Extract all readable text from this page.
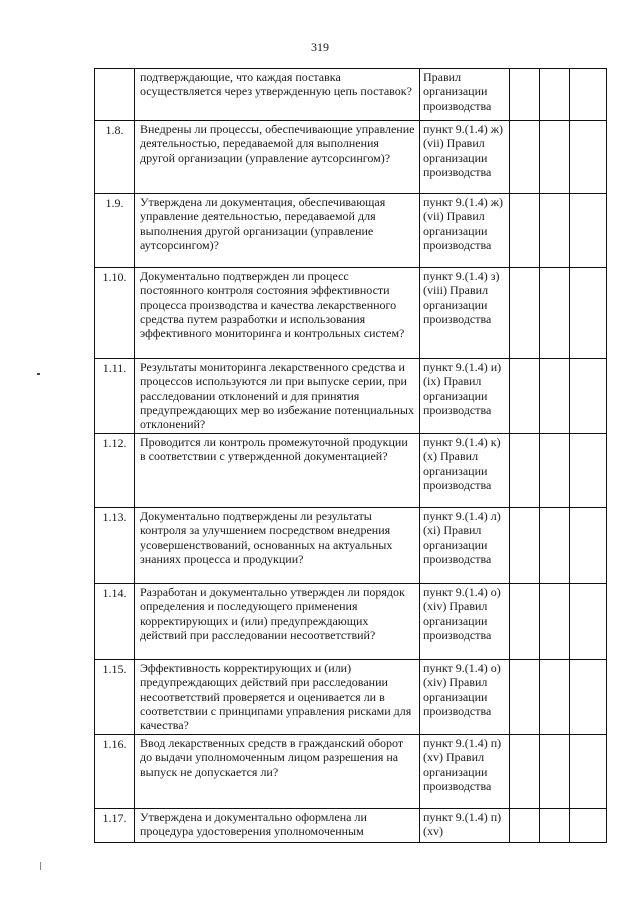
319
	подтверждающие, что каждая поставка осуществляется через утвержденную цепь поставок?	Правил организации производства			
1.8.	Внедрены ли процессы, обеспечивающие управление деятельностью, передаваемой для выполнения другой организации (управление аутсорсингом)?	пункт 9.(1.4) ж) (vii) Правил организации производства			
1.9.	Утверждена ли документация, обеспечивающая управление деятельностью, передаваемой для выполнения другой организации (управление аутсорсингом)?	пункт 9.(1.4) ж) (vii) Правил организации производства			
1.10.	Документально подтвержден ли процесс постоянного контроля состояния эффективности процесса производства и качества лекарственного средства путем разработки и использования эффективного мониторинга и контрольных систем?	пункт 9.(1.4) з) (viii) Правил организации производства			
1.11.	Результаты мониторинга лекарственного средства и процессов используются ли при выпуске серии, при расследовании отклонений и для принятия предупреждающих мер во избежание потенциальных отклонений?	пункт 9.(1.4) и) (ix) Правил организации производства			
1.12.	Проводится ли контроль промежуточной продукции в соответствии с утвержденной документацией?	пункт 9.(1.4) к) (x) Правил организации производства			
1.13.	Документально подтверждены ли результаты контроля за улучшением посредством внедрения усовершенствований, основанных на актуальных знаниях процесса и продукции?	пункт 9.(1.4) л) (xi) Правил организации производства			
1.14.	Разработан и документально утвержден ли порядок определения и последующего применения корректирующих и (или) предупреждающих действий при расследовании несоответствий?	пункт 9.(1.4) о) (xiv) Правил организации производства			
1.15.	Эффективность корректирующих и (или) предупреждающих действий при расследовании несоответствий проверяется и оценивается ли в соответствии с принципами управления рисками для качества?	пункт 9.(1.4) о) (xiv) Правил организации производства			
1.16.	Ввод лекарственных средств в гражданский оборот до выдачи уполномоченным лицом разрешения на выпуск не допускается ли?	пункт 9.(1.4) п) (xv) Правил организации производства			
1.17.	Утверждена и документально оформлена ли процедура удостоверения уполномоченным	пункт 9.(1.4) п) (xv)			
